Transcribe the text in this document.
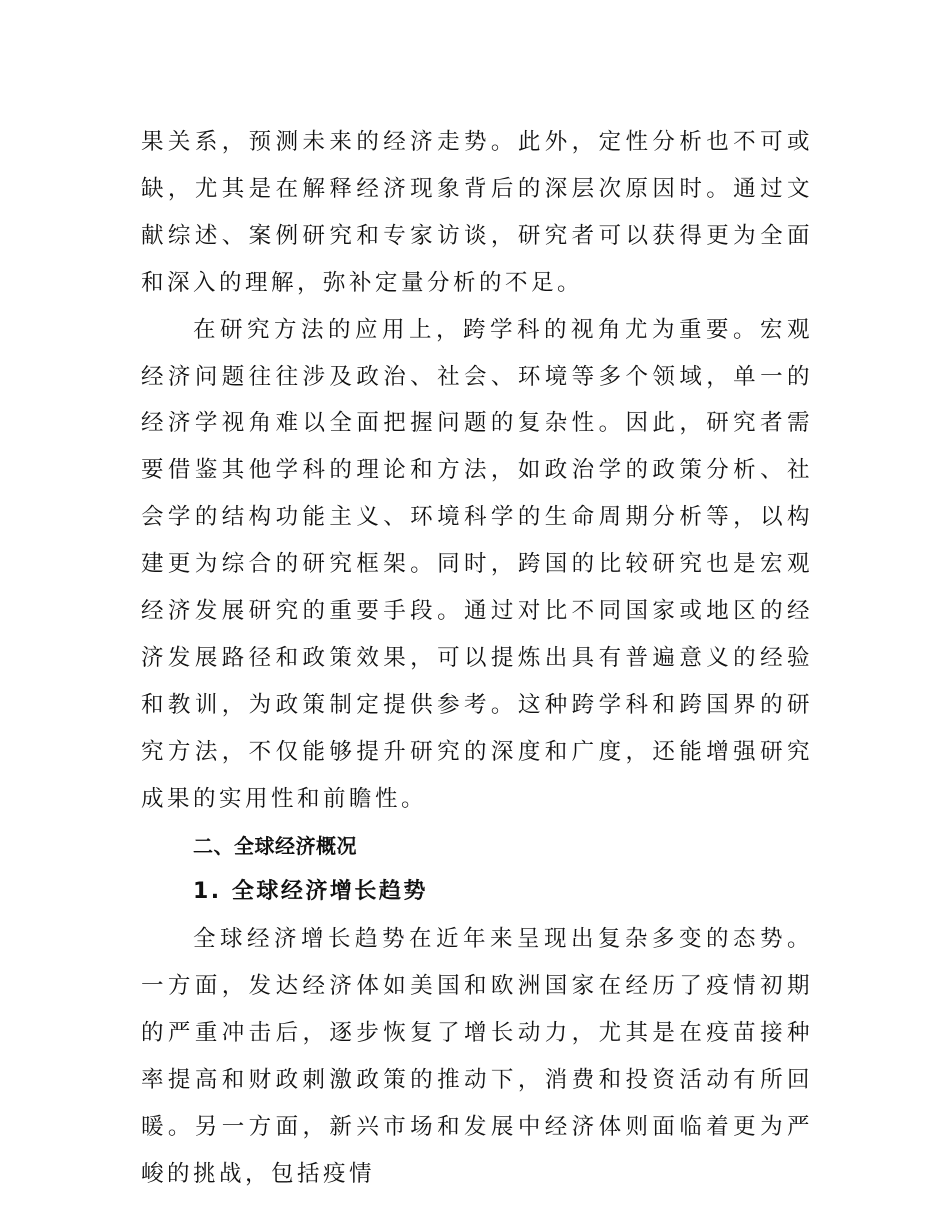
果关系，预测未来的经济走势。此外，定性分析也不可或缺，尤其是在解释经济现象背后的深层次原因时。通过文献综述、案例研究和专家访谈，研究者可以获得更为全面和深入的理解，弥补定量分析的不足。

在研究方法的应用上，跨学科的视角尤为重要。宏观经济问题往往涉及政治、社会、环境等多个领域，单一的经济学视角难以全面把握问题的复杂性。因此，研究者需要借鉴其他学科的理论和方法，如政治学的政策分析、社会学的结构功能主义、环境科学的生命周期分析等，以构建更为综合的研究框架。同时，跨国的比较研究也是宏观经济发展研究的重要手段。通过对比不同国家或地区的经济发展路径和政策效果，可以提炼出具有普遍意义的经验和教训，为政策制定提供参考。这种跨学科和跨国界的研究方法，不仅能够提升研究的深度和广度，还能增强研究成果的实用性和前瞻性。

二、全球经济概况
1. 全球经济增长趋势

全球经济增长趋势在近年来呈现出复杂多变的态势。一方面，发达经济体如美国和欧洲国家在经历了疫情初期的严重冲击后，逐步恢复了增长动力，尤其是在疫苗接种率提高和财政刺激政策的推动下，消费和投资活动有所回暖。另一方面，新兴市场和发展中经济体则面临着更为严峻的挑战，包括疫情
